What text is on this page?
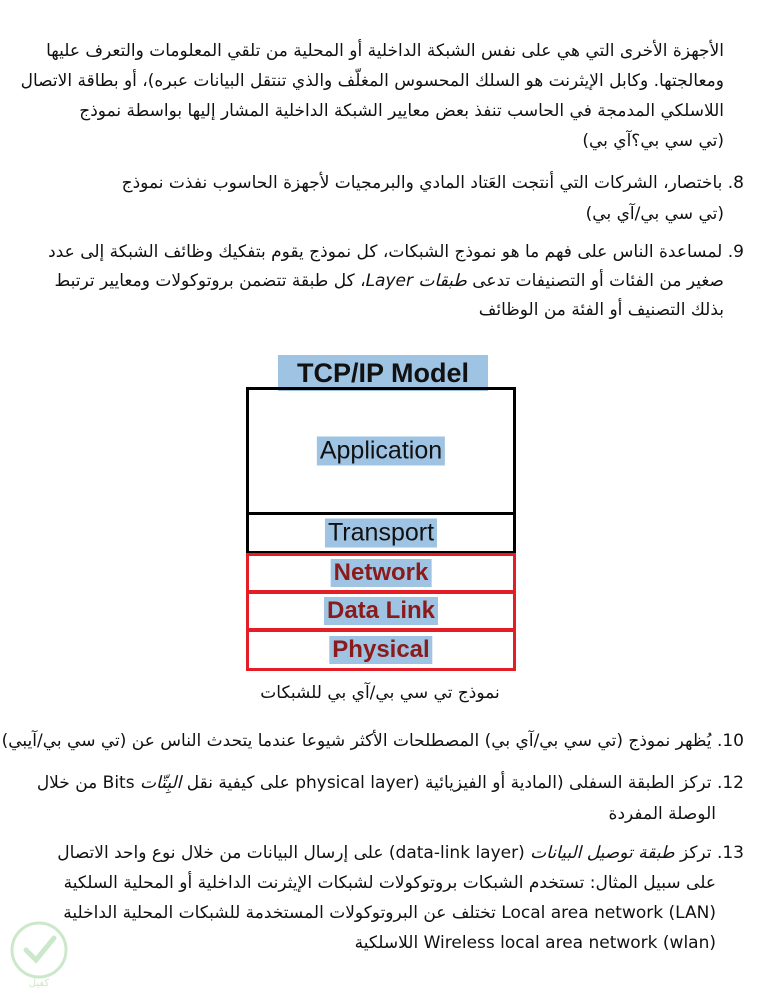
الأجهزة الأخرى التي هي على نفس الشبكة الداخلية أو المحلية من تلقي المعلومات والتعرف عليها
ومعالجتها. وكابل الإيثرنت هو السلك المحسوس المغلّف والذي تنتقل البيانات عبره)، أو بطاقة الاتصال
اللاسلكي المدمجة في الحاسب تنفذ بعض معايير الشبكة الداخلية المشار إليها بواسطة نموذج
(تي سي بي؟آي بي)
8. باختصار، الشركات التي أنتجت العَتاد المادي والبرمجيات لأجهزة الحاسوب نفذت نموذج
(تي سي بي/آي بي)
9. لمساعدة الناس على فهم ما هو نموذج الشبكات، كل نموذج يقوم بتفكيك وظائف الشبكة إلى عدد
صغير من الفئات أو التصنيفات تدعى طبقات Layer، كل طبقة تتضمن بروتوكولات ومعايير ترتبط
بذلك التصنيف أو الفئة من الوظائف
TCP/IP Model
Application
Transport
Network
Data Link
Physical
نموذج تي سي بي/آي بي للشبكات
10. يُظهر نموذج (تي سي بي/آي بي) المصطلحات الأكثر شيوعا عندما يتحدث الناس عن (تي سي بي/آيبي)
12. تركز الطبقة السفلى (المادية أو الفيزيائية (physical layer على كيفية نقل البِتّات Bits من خلال
الوصلة المفردة
13. تركز طبقة توصيل البيانات (data-link layer) على إرسال البيانات من خلال نوع واحد الاتصال
على سبيل المثال: تستخدم الشبكات بروتوكولات لشبكات الإيثرنت الداخلية أو المحلية السلكية
Local area network (LAN) تختلف عن البروتوكولات المستخدمة للشبكات المحلية الداخلية
Wireless local area network (wlan) اللاسلكية
كفيل
